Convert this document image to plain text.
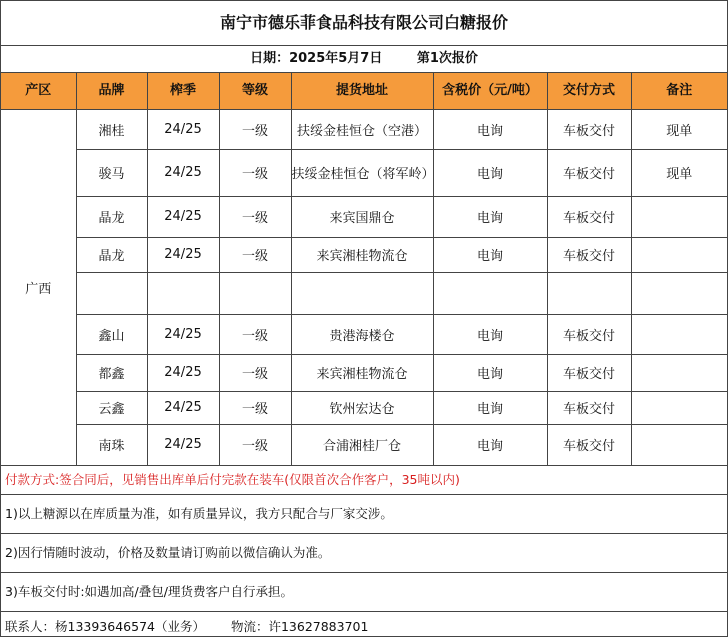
南宁市德乐菲食品科技有限公司白糖报价
日期：2025年5月7日	第1次报价
产区	品牌	榨季	等级	提货地址	含税价（元/吨）	交付方式	备注
广西	湘桂	24/25	一级	扶绥金桂恒仓（空港）	电询	车板交付	现单
	骏马	24/25	一级	扶绥金桂恒仓（将军岭）	电询	车板交付	现单
	晶龙	24/25	一级	来宾国鼎仓	电询	车板交付	
	晶龙	24/25	一级	来宾湘桂物流仓	电询	车板交付	

	鑫山	24/25	一级	贵港海楼仓	电询	车板交付	
	都鑫	24/25	一级	来宾湘桂物流仓	电询	车板交付	
	云鑫	24/25	一级	钦州宏达仓	电询	车板交付	
	南珠	24/25	一级	合浦湘桂厂仓	电询	车板交付	
付款方式:签合同后，见销售出库单后付完款在装车(仅限首次合作客户，35吨以内)
1)以上糖源以在库质量为准，如有质量异议，我方只配合与厂家交涉。
2)因行情随时波动，价格及数量请订购前以微信确认为准。
3)车板交付时:如遇加高/叠包/理货费客户自行承担。
联系人：杨13393646574（业务） 物流：许13627883701
